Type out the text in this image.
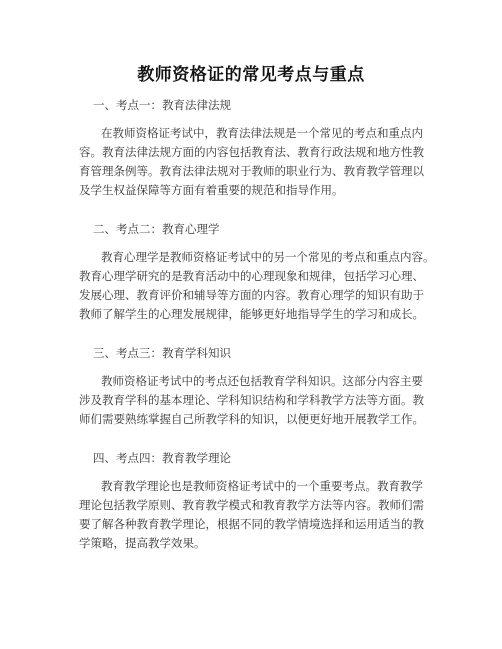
教师资格证的常见考点与重点
一、考点一：教育法律法规
在教师资格证考试中，教育法律法规是一个常见的考点和重点内
容。教育法律法规方面的内容包括教育法、教育行政法规和地方性教
育管理条例等。教育法律法规对于教师的职业行为、教育教学管理以
及学生权益保障等方面有着重要的规范和指导作用。
二、考点二：教育心理学
教育心理学是教师资格证考试中的另一个常见的考点和重点内容。
教育心理学研究的是教育活动中的心理现象和规律，包括学习心理、
发展心理、教育评价和辅导等方面的内容。教育心理学的知识有助于
教师了解学生的心理发展规律，能够更好地指导学生的学习和成长。
三、考点三：教育学科知识
教师资格证考试中的考点还包括教育学科知识。这部分内容主要
涉及教育学科的基本理论、学科知识结构和学科教学方法等方面。教
师们需要熟练掌握自己所教学科的知识，以便更好地开展教学工作。
四、考点四：教育教学理论
教育教学理论也是教师资格证考试中的一个重要考点。教育教学
理论包括教学原则、教育教学模式和教育教学方法等内容。教师们需
要了解各种教育教学理论，根据不同的教学情境选择和运用适当的教
学策略，提高教学效果。
